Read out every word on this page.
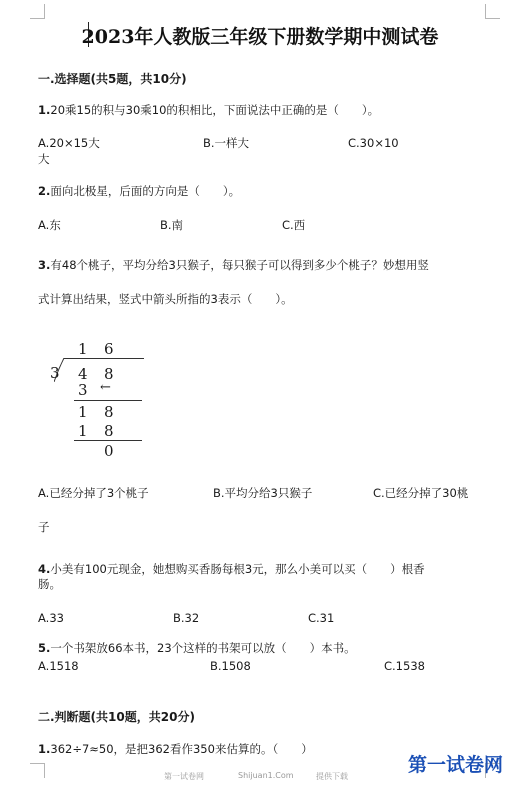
2023年人教版三年级下册数学期中测试卷
一.选择题(共5题，共10分)
1.20乘15的积与30乘10的积相比，下面说法中正确的是（　　）。
A.20×15大	B.一样大	C.30×10
大
2.面向北极星，后面的方向是（　　）。
A.东	B.南	C.西
3.有48个桃子，平均分给3只猴子，每只猴子可以得到多少个桃子？妙想用竖
式计算出结果，竖式中箭头所指的3表示（　　）。
1 6
3 4 8
3 ←
1 8
1 8
0
A.已经分掉了3个桃子	B.平均分给3只猴子	C.已经分掉了30桃
子
4.小美有100元现金，她想购买香肠每根3元，那么小美可以买（　　）根香
肠。
A.33	B.32	C.31
5.一个书架放66本书，23个这样的书架可以放（　　）本书。
A.1518	B.1508	C.1538
二.判断题(共10题，共20分)
1.362÷7≈50，是把362看作350来估算的。（　　）
第一试卷网	Shijuan1.Com	提供下载
第一试卷网
